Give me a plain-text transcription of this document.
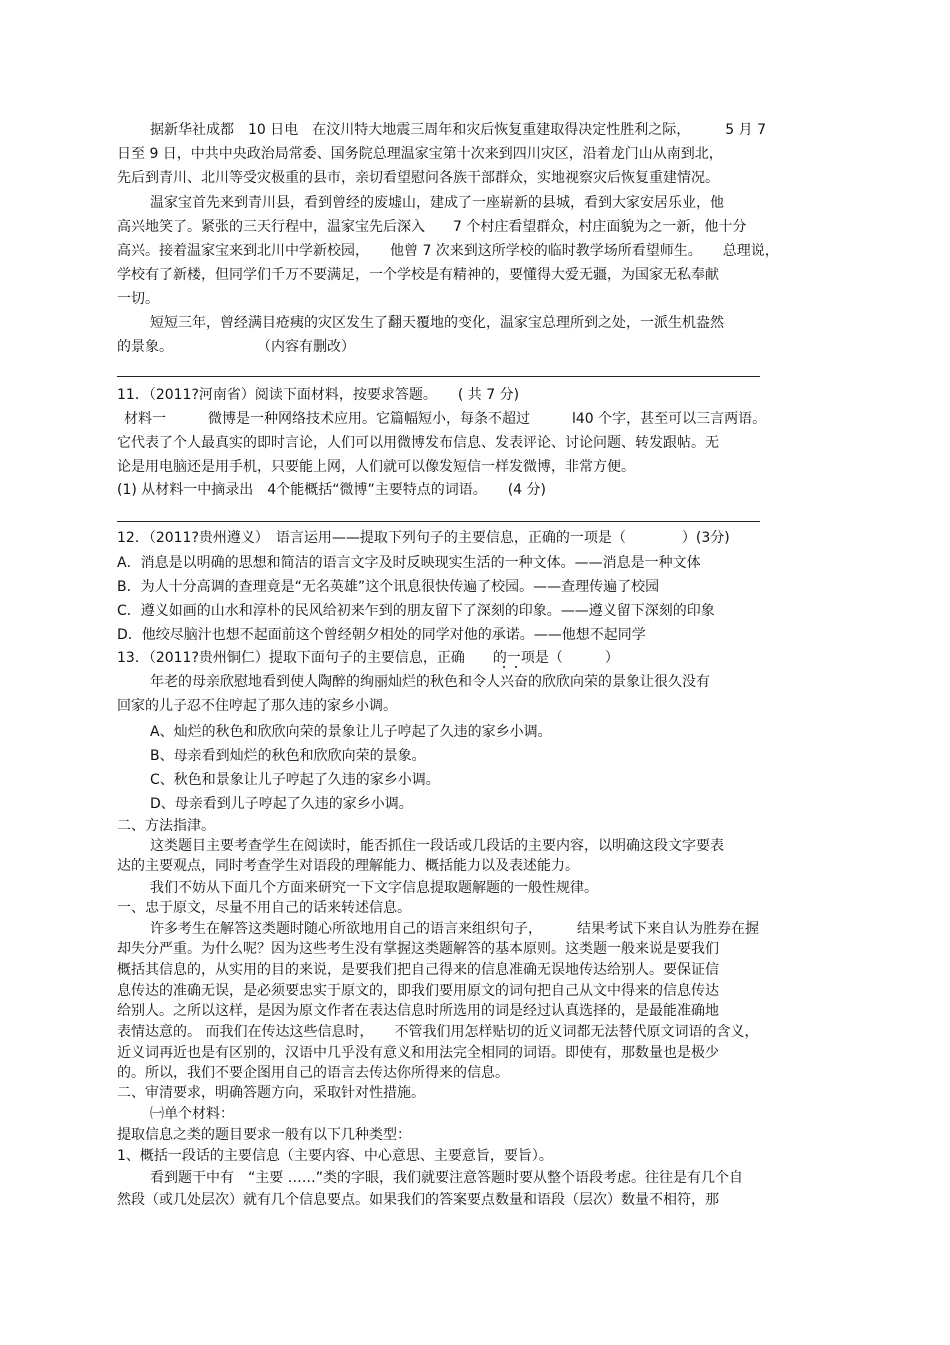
据新华社成都　10 日电　在汶川特大地震三周年和灾后恢复重建取得决定性胜利之际，　　　5 月 7
日至 9 日，中共中央政治局常委、国务院总理温家宝第十次来到四川灾区，沿着龙门山从南到北，
先后到青川、北川等受灾极重的县市，亲切看望慰问各族干部群众，实地视察灾后恢复重建情况。
温家宝首先来到青川县，看到曾经的废墟山，建成了一座崭新的县城，看到大家安居乐业，他
高兴地笑了。紧张的三天行程中，温家宝先后深入　　7 个村庄看望群众，村庄面貌为之一新，他十分
高兴。接着温家宝来到北川中学新校园，　　他曾 7 次来到这所学校的临时教学场所看望师生。　　总理说，
学校有了新楼，但同学们千万不要满足，一个学校是有精神的，要懂得大爱无疆，为国家无私奉献
一切。
短短三年，曾经满目疮痍的灾区发生了翻天覆地的变化，温家宝总理所到之处，一派生机盎然
的景象。　　　　　　　（内容有删改）
11．（2011?河南省）阅读下面材料，按要求答题。　　( 共 7 分)
材料一　　　微博是一种网络技术应用。它篇幅短小，每条不超过　　　l40 个字，甚至可以三言两语。
它代表了个人最真实的即时言论，人们可以用微博发布信息、发表评论、讨论问题、转发跟帖。无
论是用电脑还是用手机，只要能上网，人们就可以像发短信一样发微博，非常方便。
(1) 从材料一中摘录出　4个能概括“微博”主要特点的词语。　　(4 分)
12．（2011?贵州遵义）　语言运用——提取下列句子的主要信息，正确的一项是（　　　　）(3分)
A．消息是以明确的思想和简洁的语言文字及时反映现实生活的一种文体。——消息是一种文体
B．为人十分高调的查理竟是“无名英雄”这个讯息很快传遍了校园。——查理传遍了校园
C．遵义如画的山水和淳朴的民风给初来乍到的朋友留下了深刻的印象。——遵义留下深刻的印象
D．他绞尽脑汁也想不起面前这个曾经朝夕相处的同学对他的承诺。——他想不起同学
13．（2011?贵州铜仁）提取下面句子的主要信息，正确　　的一项是（　　　）
年老的母亲欣慰地看到使人陶醉的绚丽灿烂的秋色和令人兴奋的欣欣向荣的景象让很久没有
回家的儿子忍不住哼起了那久违的家乡小调。
A、灿烂的秋色和欣欣向荣的景象让儿子哼起了久违的家乡小调。
B、母亲看到灿烂的秋色和欣欣向荣的景象。
C、秋色和景象让儿子哼起了久违的家乡小调。
D、母亲看到儿子哼起了久违的家乡小调。
二、方法指津。
这类题目主要考查学生在阅读时，能否抓住一段话或几段话的主要内容，以明确这段文字要表
达的主要观点，同时考查学生对语段的理解能力、概括能力以及表述能力。
我们不妨从下面几个方面来研究一下文字信息提取题解题的一般性规律。
一、忠于原文，尽量不用自己的话来转述信息。
许多考生在解答这类题时随心所欲地用自己的语言来组织句子，　　　结果考试下来自认为胜券在握
却失分严重。为什么呢？因为这些考生没有掌握这类题解答的基本原则。这类题一般来说是要我们
概括其信息的，从实用的目的来说，是要我们把自己得来的信息准确无误地传达给别人。要保证信
息传达的准确无误，是必须要忠实于原文的，即我们要用原文的词句把自己从文中得来的信息传达
给别人。之所以这样，是因为原文作者在表达信息时所选用的词是经过认真选择的，是最能准确地
表情达意的。 而我们在传达这些信息时，　　不管我们用怎样贴切的近义词都无法替代原文词语的含义，
近义词再近也是有区别的，汉语中几乎没有意义和用法完全相同的词语。即使有，那数量也是极少
的。所以，我们不要企图用自己的语言去传达你所得来的信息。
二、审清要求，明确答题方向，采取针对性措施。
㈠单个材料：
提取信息之类的题目要求一般有以下几种类型：
1、概括一段话的主要信息（主要内容、中心意思、主要意旨，要旨）。
看到题干中有　“主要 ……”类的字眼，我们就要注意答题时要从整个语段考虑。往往是有几个自
然段（或几处层次）就有几个信息要点。如果我们的答案要点数量和语段（层次）数量不相符，那
